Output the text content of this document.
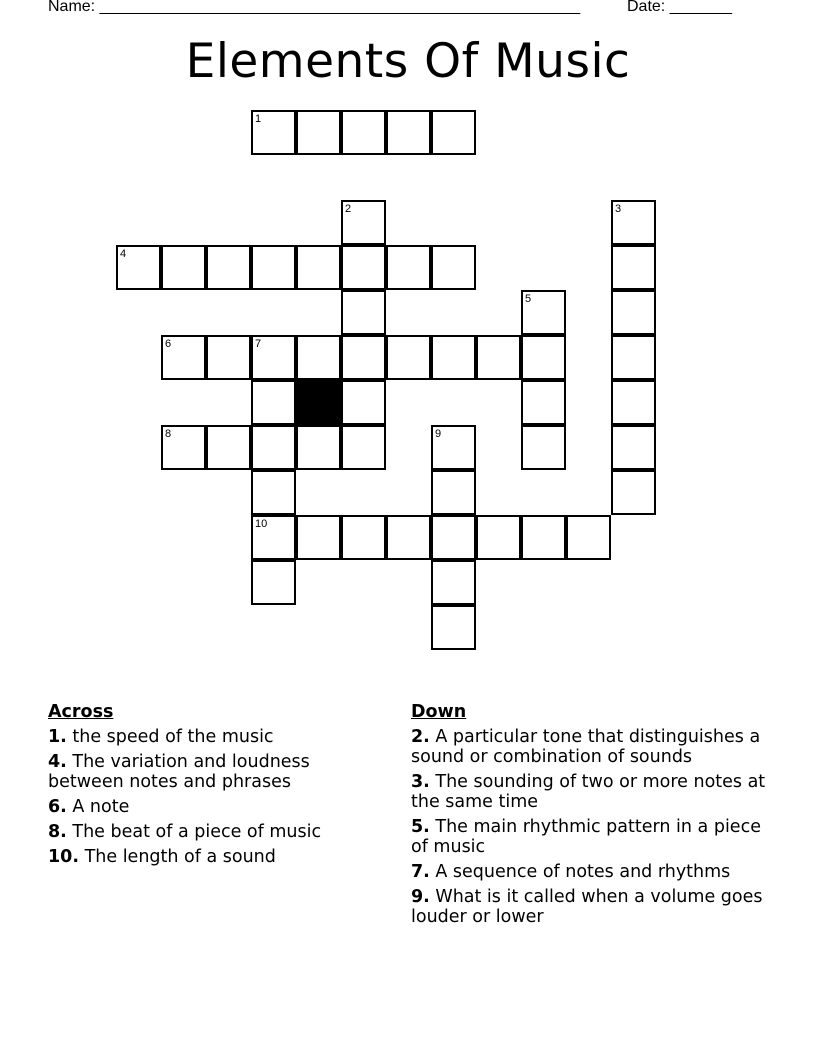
Name: ______________________________________________________	Date: _______
Elements Of Music
1
2	3
4
5
6	7
8	9
10
Across
1. the speed of the music
4. The variation and loudness between notes and phrases
6. A note
8. The beat of a piece of music
10. The length of a sound
Down
2. A particular tone that distinguishes a sound or combination of sounds
3. The sounding of two or more notes at the same time
5. The main rhythmic pattern in a piece of music
7. A sequence of notes and rhythms
9. What is it called when a volume goes louder or lower
